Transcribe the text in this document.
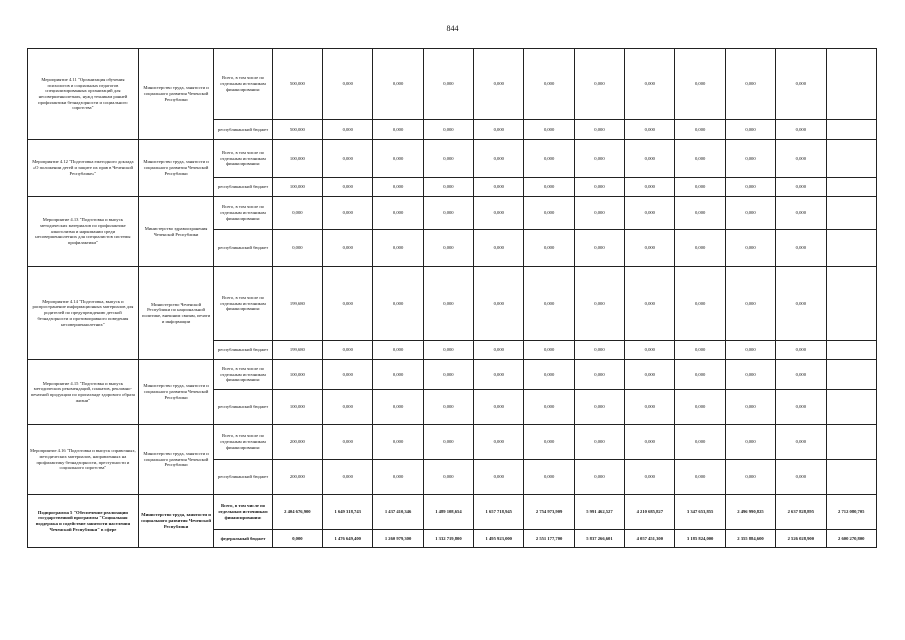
844
Мероприятие 4.11 "Организация обучения психологов и социальных педагогов специализированных организаций для несовершеннолетних, нужд техникам ранней профилактики безнадзорности и социального сиротства"	Министерство труда, занятости и социального развития Чеченской Республики	Всего, в том числе по отдельным источникам финансирования:	500,000	0,000	0,000	0,000	0,000	0,000	0,000	0,000	0,000	0,000	0,000	
		республиканский бюджет	500,000	0,000	0,000	0,000	0,000	0,000	0,000	0,000	0,000	0,000	0,000	
Мероприятие 4.12 "Подготовка ежегодного доклада «О положении детей и защите их прав в Чеченской Республике»"	Министерство труда, занятости и социального развития Чеченской Республики	Всего, в том числе по отдельным источникам финансирования:	100,000	0,000	0,000	0,000	0,000	0,000	0,000	0,000	0,000	0,000	0,000	
		республиканский бюджет	100,000	0,000	0,000	0,000	0,000	0,000	0,000	0,000	0,000	0,000	0,000	
Мероприятие 4.13 "Подготовка и выпуск методических материалов по профилактике алкоголизма и наркомании среди несовершеннолетних для специалистов системы профилактики"	Министерство здравоохранения Чеченской Республики	Всего, в том числе по отдельным источникам финансирования:	0,000	0,000	0,000	0,000	0,000	0,000	0,000	0,000	0,000	0,000	0,000	
		республиканский бюджет	0,000	0,000	0,000	0,000	0,000	0,000	0,000	0,000	0,000	0,000	0,000	
Мероприятие 4.14 "Подготовка, выпуск и распространение информационных материалов для родителей по предупреждению детской безнадзорности и противоправного поведения несовершеннолетних"	Министерство Чеченской Республики по национальной политике, внешним связям, печати и информации	Всего, в том числе по отдельным источникам финансирования:	199,680	0,000	0,000	0,000	0,000	0,000	0,000	0,000	0,000	0,000	0,000	
		республиканский бюджет	199,680	0,000	0,000	0,000	0,000	0,000	0,000	0,000	0,000	0,000	0,000	
Мероприятие 4.15 "Подготовка и выпуск методических рекомендаций, плакатов, рекламно-печатной продукции по пропаганде здорового образа жизни"	Министерство труда, занятости и социального развития Чеченской Республики	Всего, в том числе по отдельным источникам финансирования:	100,000	0,000	0,000	0,000	0,000	0,000	0,000	0,000	0,000	0,000	0,000	
		республиканский бюджет	100,000	0,000	0,000	0,000	0,000	0,000	0,000	0,000	0,000	0,000	0,000	
Мероприятие 4.16 "Подготовка и выпуск справочных, методических материалов, направленных на профилактику безнадзорности, преступности и социального сиротства"	Министерство труда, занятости и социального развития Чеченской Республики	Всего, в том числе по отдельным источникам финансирования:	200,000	0,000	0,000	0,000	0,000	0,000	0,000	0,000	0,000	0,000	0,000	
		республиканский бюджет	200,000	0,000	0,000	0,000	0,000	0,000	0,000	0,000	0,000	0,000	0,000	
Подпрограмма 5 "Обеспечение реализации государственной программы "Социальная поддержка и содействие занятости населения Чеченской Республики" в сфере	Министерство труда, занятости и социального развития Чеченской Республики	Всего, в том числе по отдельным источникам финансирования:	2 404 676,900	1 649 318,743	1 437 410,346	1 489 108,654	1 657 718,945	2 754 973,909	5 991 462,527	4 210 685,827	3 347 653,855	2 496 990,825	2 637 828,895	2 712 080,705
		федеральный бюджет	0,000	1 476 649,400	1 260 979,300	1 332 719,800	1 495 923,000	2 551 177,700	5 837 266,601	4 057 451,300	3 185 824,000	2 355 884,600	2 526 028,900	2 600 270,800
